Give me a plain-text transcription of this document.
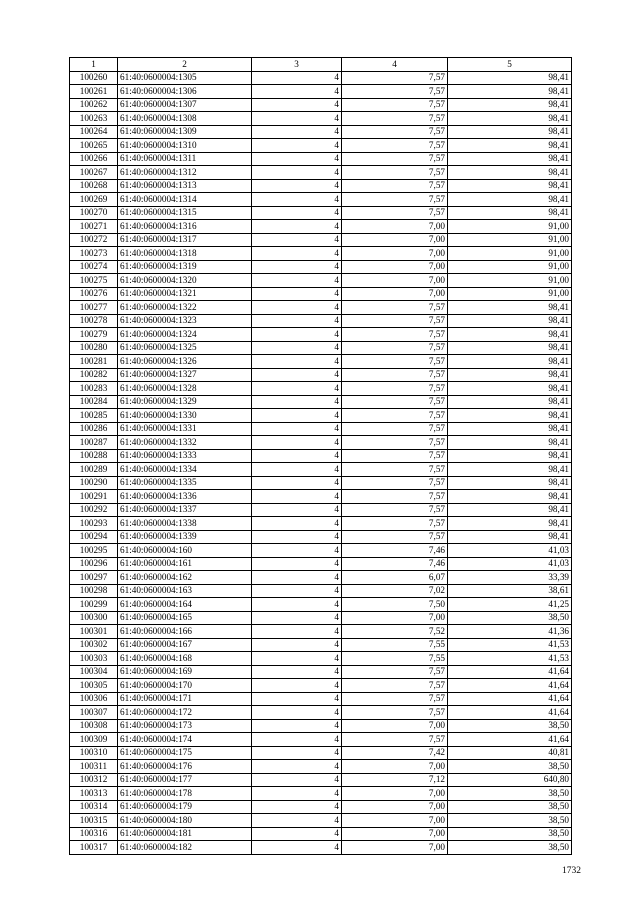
1	2	3	4	5
100260	61:40:0600004:1305	4	7,57	98,41
100261	61:40:0600004:1306	4	7,57	98,41
100262	61:40:0600004:1307	4	7,57	98,41
100263	61:40:0600004:1308	4	7,57	98,41
100264	61:40:0600004:1309	4	7,57	98,41
100265	61:40:0600004:1310	4	7,57	98,41
100266	61:40:0600004:1311	4	7,57	98,41
100267	61:40:0600004:1312	4	7,57	98,41
100268	61:40:0600004:1313	4	7,57	98,41
100269	61:40:0600004:1314	4	7,57	98,41
100270	61:40:0600004:1315	4	7,57	98,41
100271	61:40:0600004:1316	4	7,00	91,00
100272	61:40:0600004:1317	4	7,00	91,00
100273	61:40:0600004:1318	4	7,00	91,00
100274	61:40:0600004:1319	4	7,00	91,00
100275	61:40:0600004:1320	4	7,00	91,00
100276	61:40:0600004:1321	4	7,00	91,00
100277	61:40:0600004:1322	4	7,57	98,41
100278	61:40:0600004:1323	4	7,57	98,41
100279	61:40:0600004:1324	4	7,57	98,41
100280	61:40:0600004:1325	4	7,57	98,41
100281	61:40:0600004:1326	4	7,57	98,41
100282	61:40:0600004:1327	4	7,57	98,41
100283	61:40:0600004:1328	4	7,57	98,41
100284	61:40:0600004:1329	4	7,57	98,41
100285	61:40:0600004:1330	4	7,57	98,41
100286	61:40:0600004:1331	4	7,57	98,41
100287	61:40:0600004:1332	4	7,57	98,41
100288	61:40:0600004:1333	4	7,57	98,41
100289	61:40:0600004:1334	4	7,57	98,41
100290	61:40:0600004:1335	4	7,57	98,41
100291	61:40:0600004:1336	4	7,57	98,41
100292	61:40:0600004:1337	4	7,57	98,41
100293	61:40:0600004:1338	4	7,57	98,41
100294	61:40:0600004:1339	4	7,57	98,41
100295	61:40:0600004:160	4	7,46	41,03
100296	61:40:0600004:161	4	7,46	41,03
100297	61:40:0600004:162	4	6,07	33,39
100298	61:40:0600004:163	4	7,02	38,61
100299	61:40:0600004:164	4	7,50	41,25
100300	61:40:0600004:165	4	7,00	38,50
100301	61:40:0600004:166	4	7,52	41,36
100302	61:40:0600004:167	4	7,55	41,53
100303	61:40:0600004:168	4	7,55	41,53
100304	61:40:0600004:169	4	7,57	41,64
100305	61:40:0600004:170	4	7,57	41,64
100306	61:40:0600004:171	4	7,57	41,64
100307	61:40:0600004:172	4	7,57	41,64
100308	61:40:0600004:173	4	7,00	38,50
100309	61:40:0600004:174	4	7,57	41,64
100310	61:40:0600004:175	4	7,42	40,81
100311	61:40:0600004:176	4	7,00	38,50
100312	61:40:0600004:177	4	7,12	640,80
100313	61:40:0600004:178	4	7,00	38,50
100314	61:40:0600004:179	4	7,00	38,50
100315	61:40:0600004:180	4	7,00	38,50
100316	61:40:0600004:181	4	7,00	38,50
100317	61:40:0600004:182	4	7,00	38,50
1732
